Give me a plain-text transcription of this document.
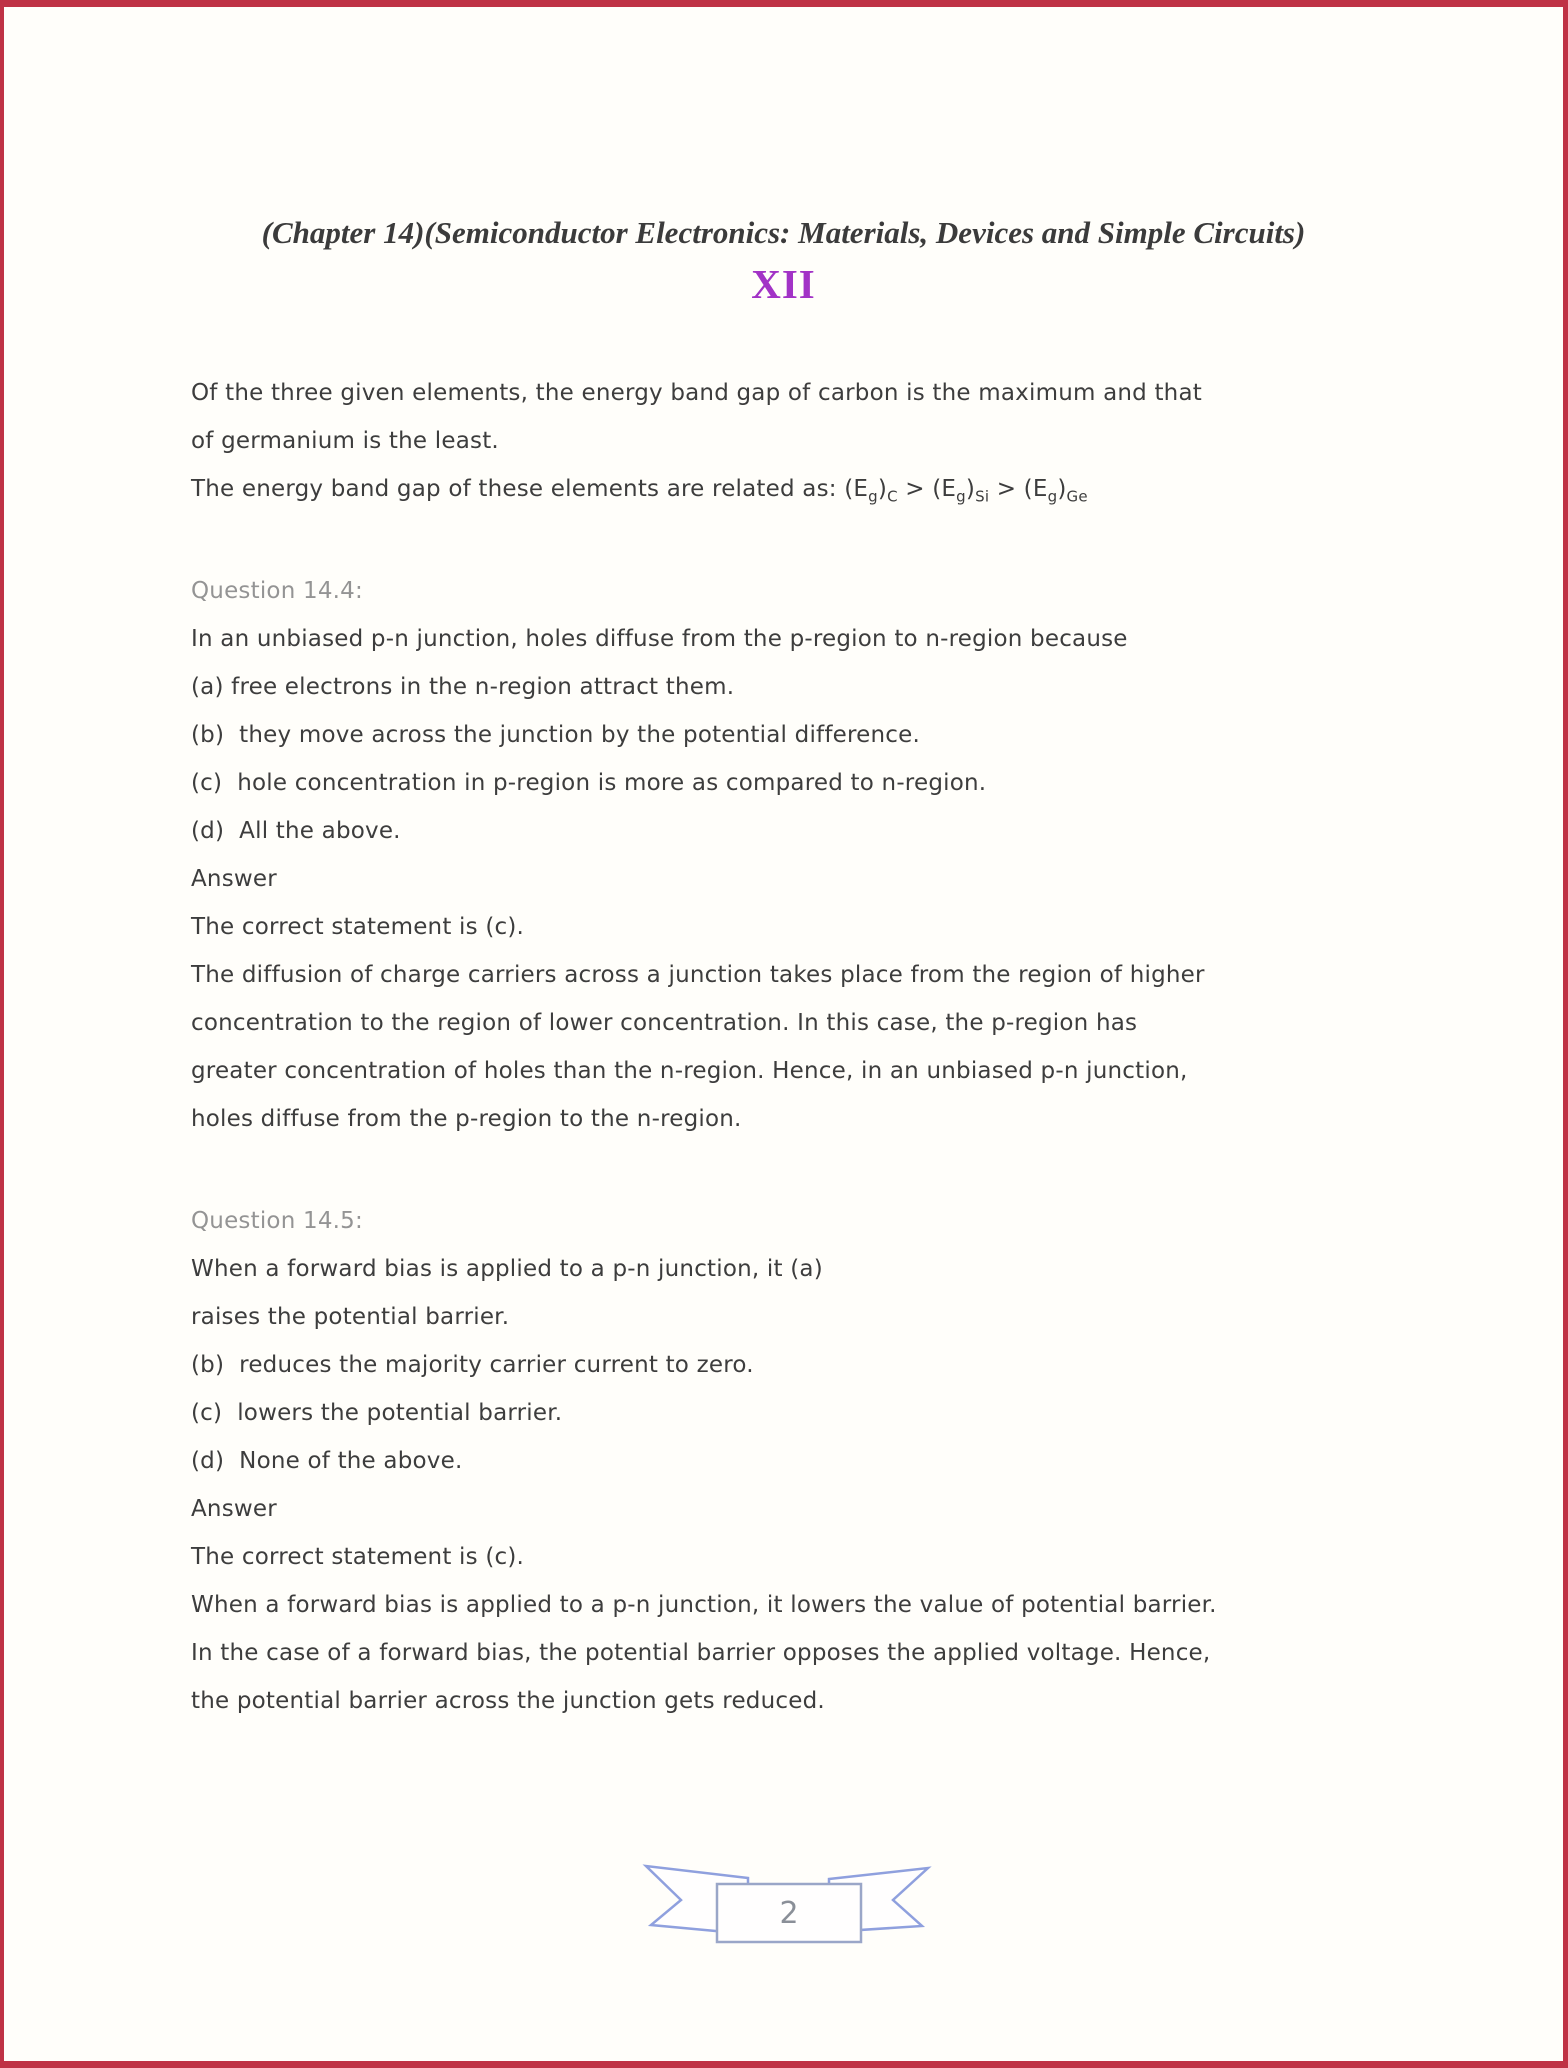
(Chapter 14)(Semiconductor Electronics: Materials, Devices and Simple Circuits)
XII
Of the three given elements, the energy band gap of carbon is the maximum and that
of germanium is the least.
The energy band gap of these elements are related as: $(E_g)_C > (E_g)_{Si} > (E_g)_{Ge}$
Question 14.4:
In an unbiased p-n junction, holes diffuse from the p-region to n-region because
(a) free electrons in the n-region attract them.
(b)  they move across the junction by the potential difference.
(c)  hole concentration in p-region is more as compared to n-region.
(d)  All the above.
Answer
The correct statement is (c).
The diffusion of charge carriers across a junction takes place from the region of higher
concentration to the region of lower concentration. In this case, the p-region has
greater concentration of holes than the n-region. Hence, in an unbiased p-n junction,
holes diffuse from the p-region to the n-region.
Question 14.5:
When a forward bias is applied to a p-n junction, it (a)
raises the potential barrier.
(b)  reduces the majority carrier current to zero.
(c)  lowers the potential barrier.
(d)  None of the above.
Answer
The correct statement is (c).
When a forward bias is applied to a p-n junction, it lowers the value of potential barrier.
In the case of a forward bias, the potential barrier opposes the applied voltage. Hence,
the potential barrier across the junction gets reduced.
2
